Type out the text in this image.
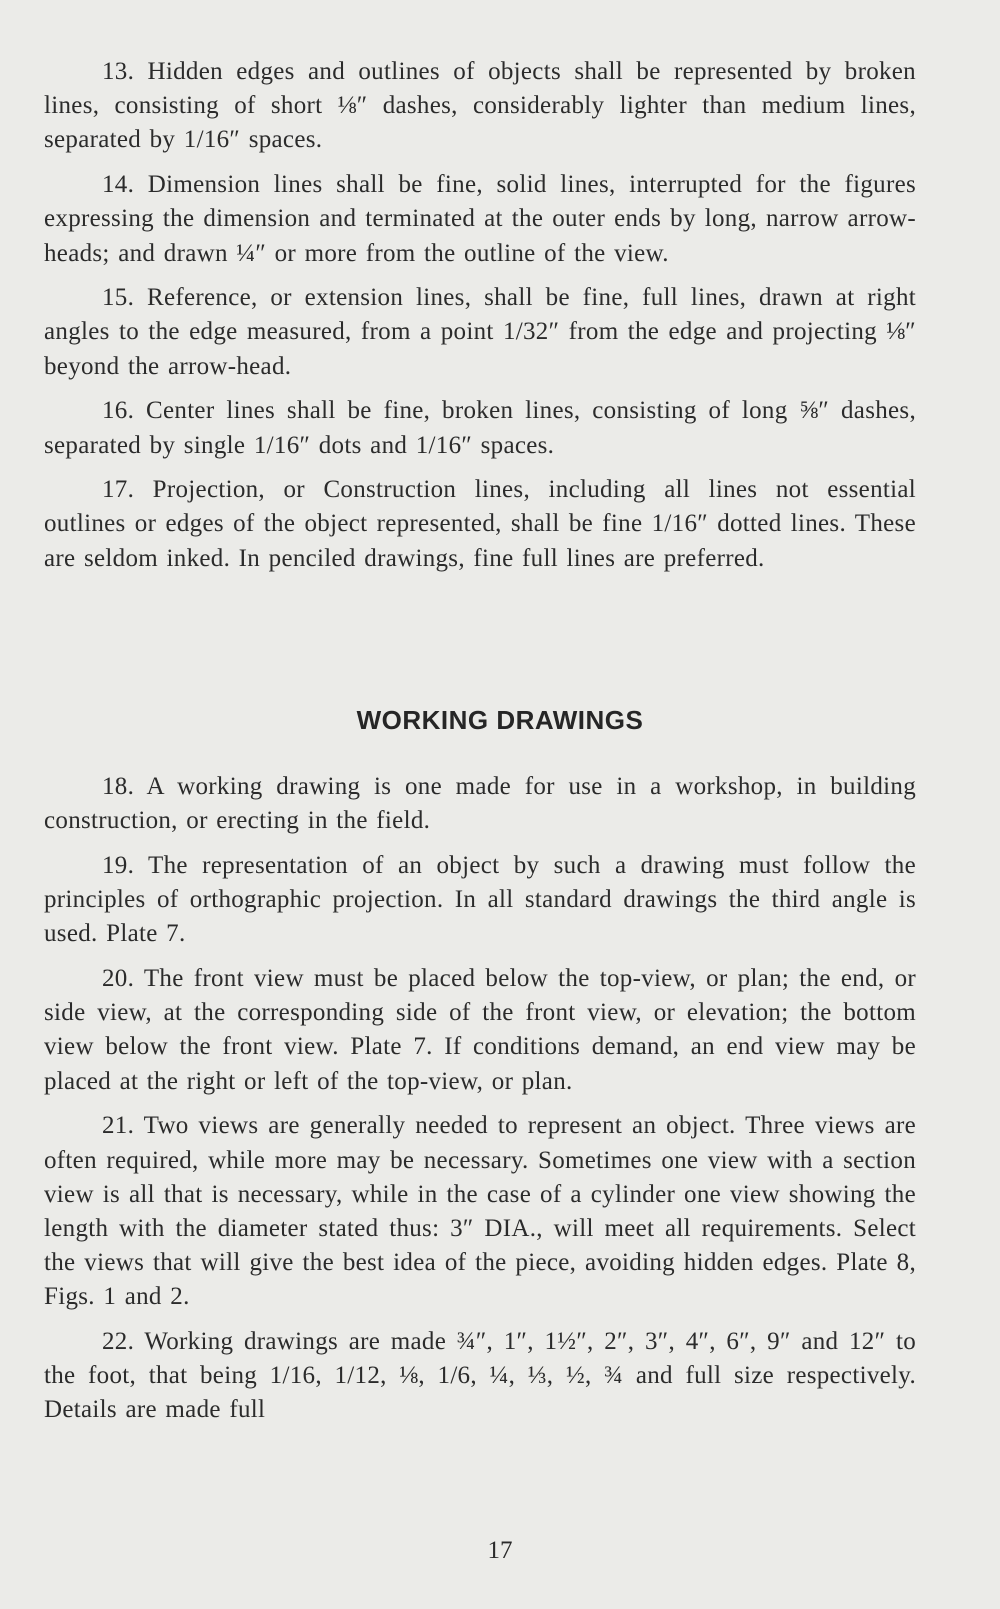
13. Hidden edges and outlines of objects shall be represented by broken lines, consisting of short ⅛″ dashes, considerably lighter than medium lines, separated by 1/16″ spaces.

14. Dimension lines shall be fine, solid lines, interrupted for the figures expressing the dimension and terminated at the outer ends by long, narrow arrow-heads; and drawn ¼″ or more from the outline of the view.

15. Reference, or extension lines, shall be fine, full lines, drawn at right angles to the edge measured, from a point 1/32″ from the edge and projecting ⅛″ beyond the arrow-head.

16. Center lines shall be fine, broken lines, consisting of long ⅝″ dashes, separated by single 1/16″ dots and 1/16″ spaces.

17. Projection, or Construction lines, including all lines not essential outlines or edges of the object represented, shall be fine 1/16″ dotted lines. These are seldom inked. In penciled drawings, fine full lines are preferred.

WORKING DRAWINGS

18. A working drawing is one made for use in a workshop, in building construction, or erecting in the field.

19. The representation of an object by such a drawing must follow the principles of orthographic projection. In all standard drawings the third angle is used. Plate 7.

20. The front view must be placed below the top-view, or plan; the end, or side view, at the corresponding side of the front view, or elevation; the bottom view below the front view. Plate 7. If conditions demand, an end view may be placed at the right or left of the top-view, or plan.

21. Two views are generally needed to represent an object. Three views are often required, while more may be necessary. Sometimes one view with a section view is all that is necessary, while in the case of a cylinder one view showing the length with the diameter stated thus: 3″ DIA., will meet all requirements. Select the views that will give the best idea of the piece, avoiding hidden edges. Plate 8, Figs. 1 and 2.

22. Working drawings are made ¾″, 1″, 1½″, 2″, 3″, 4″, 6″, 9″ and 12″ to the foot, that being 1/16, 1/12, ⅛, 1/6, ¼, ⅓, ½, ¾ and full size respectively. Details are made full

17
